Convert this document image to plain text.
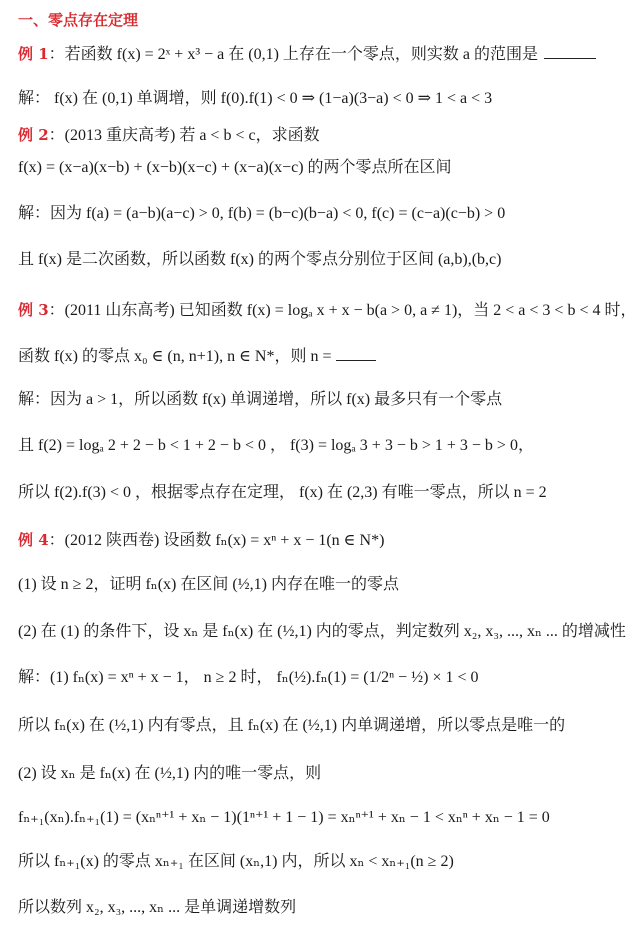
一、零点存在定理
例 1：若函数 f(x) = 2ˣ + x³ − a 在 (0,1) 上存在一个零点，则实数 a 的范围是
解： f(x) 在 (0,1) 单调增，则 f(0).f(1) < 0 ⇒ (1−a)(3−a) < 0 ⇒ 1 < a < 3
例 2：(2013 重庆高考) 若 a < b < c，求函数
f(x) = (x−a)(x−b) + (x−b)(x−c) + (x−a)(x−c) 的两个零点所在区间
解：因为 f(a) = (a−b)(a−c) > 0, f(b) = (b−c)(b−a) < 0, f(c) = (c−a)(c−b) > 0
且 f(x) 是二次函数，所以函数 f(x) 的两个零点分别位于区间 (a,b),(b,c)
例 3：(2011 山东高考) 已知函数 f(x) = logₐ x + x − b(a > 0, a ≠ 1)，当 2 < a < 3 < b < 4 时，
函数 f(x) 的零点 x₀ ∈ (n, n+1), n ∈ N*，则 n =
解：因为 a > 1，所以函数 f(x) 单调递增，所以 f(x) 最多只有一个零点
且 f(2) = logₐ 2 + 2 − b < 1 + 2 − b < 0 ， f(3) = logₐ 3 + 3 − b > 1 + 3 − b > 0，
所以 f(2).f(3) < 0 ，根据零点存在定理， f(x) 在 (2,3) 有唯一零点，所以 n = 2
例 4：(2012 陕西卷) 设函数 fₙ(x) = xⁿ + x − 1(n ∈ N*)
(1) 设 n ≥ 2，证明 fₙ(x) 在区间 (½,1) 内存在唯一的零点
(2) 在 (1) 的条件下，设 xₙ 是 fₙ(x) 在 (½,1) 内的零点，判定数列 x₂, x₃, ..., xₙ ... 的增减性
解：(1) fₙ(x) = xⁿ + x − 1， n ≥ 2 时， fₙ(½).fₙ(1) = (1/2ⁿ − ½) × 1 < 0
所以 fₙ(x) 在 (½,1) 内有零点，且 fₙ(x) 在 (½,1) 内单调递增，所以零点是唯一的
(2) 设 xₙ 是 fₙ(x) 在 (½,1) 内的唯一零点，则
fₙ₊₁(xₙ).fₙ₊₁(1) = (xₙⁿ⁺¹ + xₙ − 1)(1ⁿ⁺¹ + 1 − 1) = xₙⁿ⁺¹ + xₙ − 1 < xₙⁿ + xₙ − 1 = 0
所以 fₙ₊₁(x) 的零点 xₙ₊₁ 在区间 (xₙ,1) 内，所以 xₙ < xₙ₊₁(n ≥ 2)
所以数列 x₂, x₃, ..., xₙ ... 是单调递增数列
